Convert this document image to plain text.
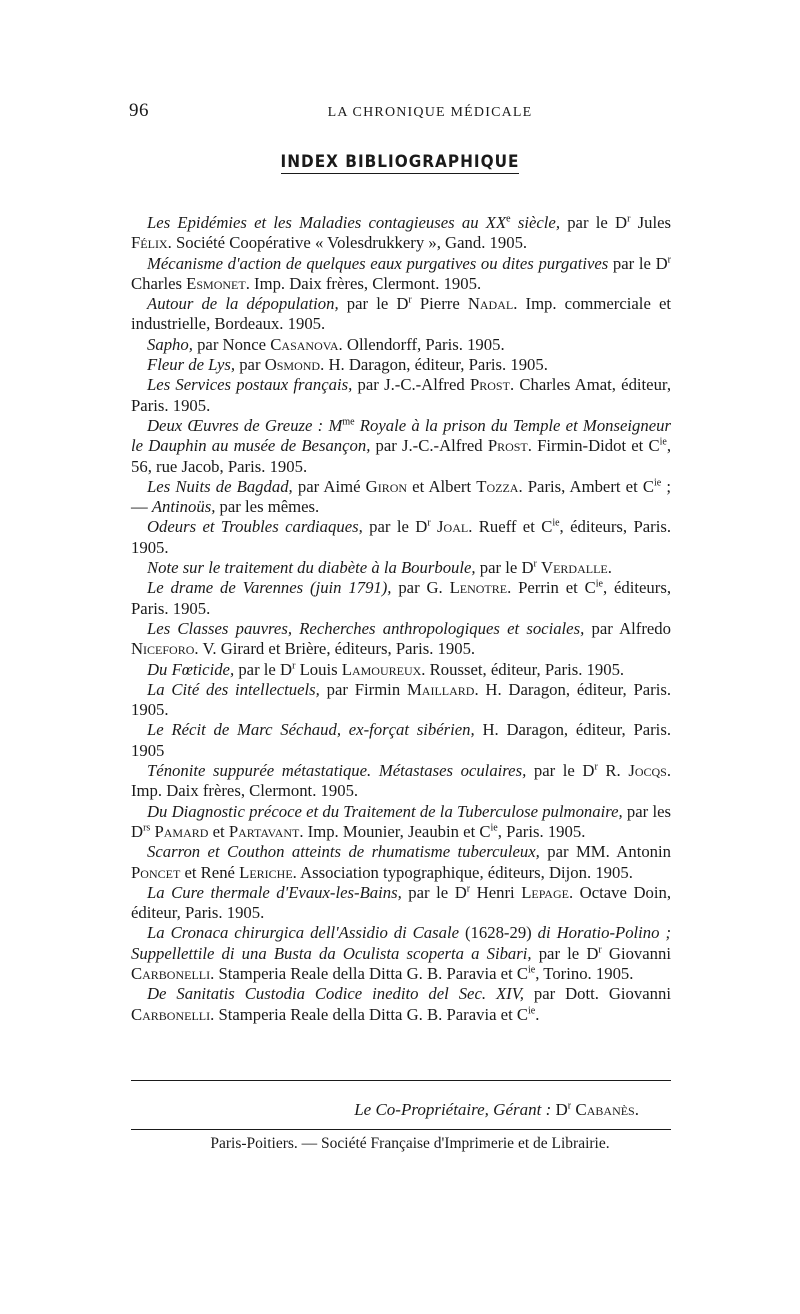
96	LA CHRONIQUE MÉDICALE
INDEX BIBLIOGRAPHIQUE

Les Epidémies et les Maladies contagieuses au XXe siècle, par le $D^r$ Jules Félix. Société Coopérative « Volesdrukkery », Gand. 1905.

Mécanisme d'action de quelques eaux purgatives ou dites purgatives par le $D^r$ Charles Esmonet. Imp. Daix frères, Clermont. 1905.

Autour de la dépopulation, par le $D^r$ Pierre Nadal. Imp. commerciale et industrielle, Bordeaux. 1905.

Sapho, par Nonce Casanova. Ollendorff, Paris. 1905.

Fleur de Lys, par Osmond. H. Daragon, éditeur, Paris. 1905.

Les Services postaux français, par J.-C.-Alfred Prost. Charles Amat, éditeur, Paris. 1905.

Deux Œuvres de Greuze : $M^{me}$ Royale à la prison du Temple et Monseigneur le Dauphin au musée de Besançon, par J.-C.-Alfred Prost. Firmin-Didot et $C^{ie}$, 56, rue Jacob, Paris. 1905.

Les Nuits de Bagdad, par Aimé Giron et Albert Tozza. Paris, Ambert et $C^{ie}$ ; — Antinoüs, par les mêmes.

Odeurs et Troubles cardiaques, par le $D^r$ Joal. Rueff et $C^{ie}$, éditeurs, Paris. 1905.

Note sur le traitement du diabète à la Bourboule, par le $D^r$ Verdalle.

Le drame de Varennes (juin 1791), par G. Lenotre. Perrin et $C^{ie}$, éditeurs, Paris. 1905.

Les Classes pauvres, Recherches anthropologiques et sociales, par Alfredo Niceforo. V. Girard et Brière, éditeurs, Paris. 1905.

Du Fœticide, par le $D^r$ Louis Lamoureux. Rousset, éditeur, Paris. 1905.

La Cité des intellectuels, par Firmin Maillard. H. Daragon, éditeur, Paris. 1905.

Le Récit de Marc Séchaud, ex-forçat sibérien, H. Daragon, éditeur, Paris. 1905

Ténonite suppurée métastatique. Métastases oculaires, par le $D^r$ R. Jocqs. Imp. Daix frères, Clermont. 1905.

Du Diagnostic précoce et du Traitement de la Tuberculose pulmonaire, par les $D^{rs}$ Pamard et Partavant. Imp. Mounier, Jeaubin et $C^{ie}$, Paris. 1905.

Scarron et Couthon atteints de rhumatisme tuberculeux, par MM. Antonin Poncet et René Leriche. Association typographique, éditeurs, Dijon. 1905.

La Cure thermale d'Evaux-les-Bains, par le $D^r$ Henri Lepage. Octave Doin, éditeur, Paris. 1905.

La Cronaca chirurgica dell'Assidio di Casale (1628-29) di Horatio-Polino ; Suppellettile di una Busta da Oculista scoperta a Sibari, par le $D^r$ Giovanni Carbonelli. Stamperia Reale della Ditta G. B. Paravia et $C^{ie}$, Torino. 1905.

De Sanitatis Custodia Codice inedito del Sec. XIV, par Dott. Giovanni Carbonelli. Stamperia Reale della Ditta G. B. Paravia et $C^{ie}$.

Le Co-Propriétaire, Gérant : $D^r$ Cabanès.
Paris-Poitiers. — Société Française d'Imprimerie et de Librairie.
